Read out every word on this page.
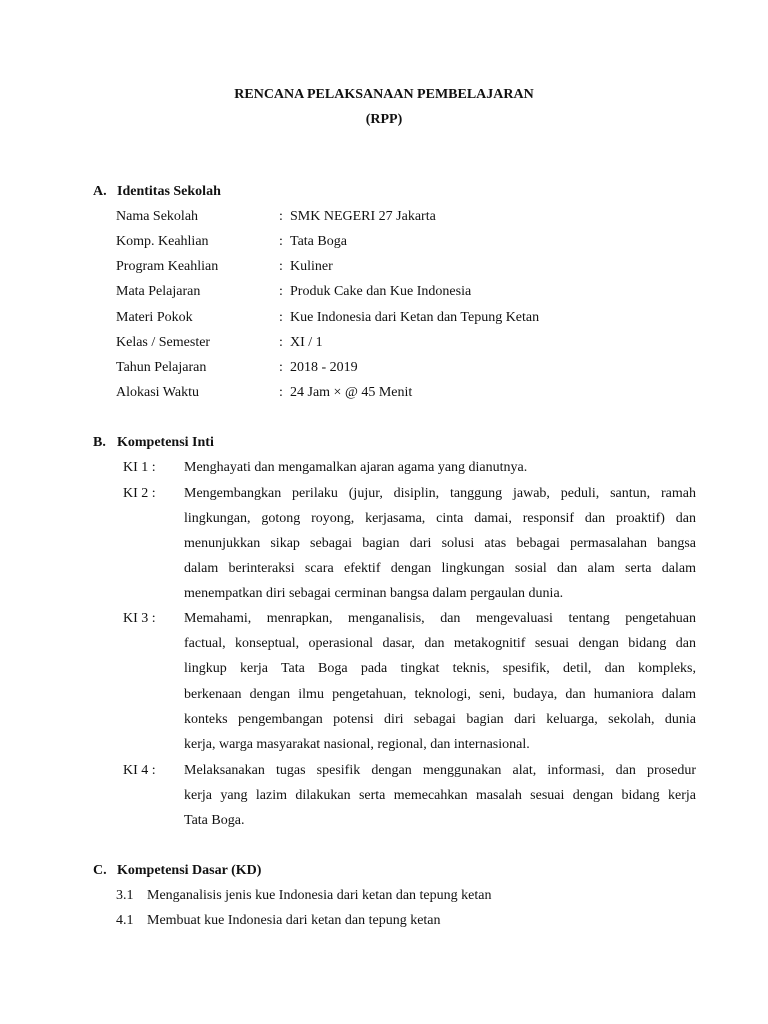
RENCANA PELAKSANAAN PEMBELAJARAN
(RPP)
A. Identitas Sekolah
Nama Sekolah	: SMK NEGERI 27 Jakarta
Komp. Keahlian	: Tata Boga
Program Keahlian	: Kuliner
Mata Pelajaran	: Produk Cake dan Kue Indonesia
Materi Pokok	: Kue Indonesia dari Ketan dan Tepung Ketan
Kelas / Semester	: XI / 1
Tahun Pelajaran	: 2018 - 2019
Alokasi Waktu	: 24 Jam × @ 45 Menit
B. Kompetensi Inti
KI 1 : Menghayati dan mengamalkan ajaran agama yang dianutnya.
KI 2 : Mengembangkan perilaku (jujur, disiplin, tanggung jawab, peduli, santun, ramah
lingkungan, gotong royong, kerjasama, cinta damai, responsif dan proaktif) dan
menunjukkan sikap sebagai bagian dari solusi atas bebagai permasalahan bangsa
dalam berinteraksi scara efektif dengan lingkungan sosial dan alam serta dalam
menempatkan diri sebagai cerminan bangsa dalam pergaulan dunia.
KI 3 : Memahami, menrapkan, menganalisis, dan mengevaluasi tentang pengetahuan
factual, konseptual, operasional dasar, dan metakognitif sesuai dengan bidang dan
lingkup kerja Tata Boga pada tingkat teknis, spesifik, detil, dan kompleks,
berkenaan dengan ilmu pengetahuan, teknologi, seni, budaya, dan humaniora dalam
konteks pengembangan potensi diri sebagai bagian dari keluarga, sekolah, dunia
kerja, warga masyarakat nasional, regional, dan internasional.
KI 4 : Melaksanakan tugas spesifik dengan menggunakan alat, informasi, dan prosedur
kerja yang lazim dilakukan serta memecahkan masalah sesuai dengan bidang kerja
Tata Boga.
C. Kompetensi Dasar (KD)
3.1 Menganalisis jenis kue Indonesia dari ketan dan tepung ketan
4.1 Membuat kue Indonesia dari ketan dan tepung ketan
